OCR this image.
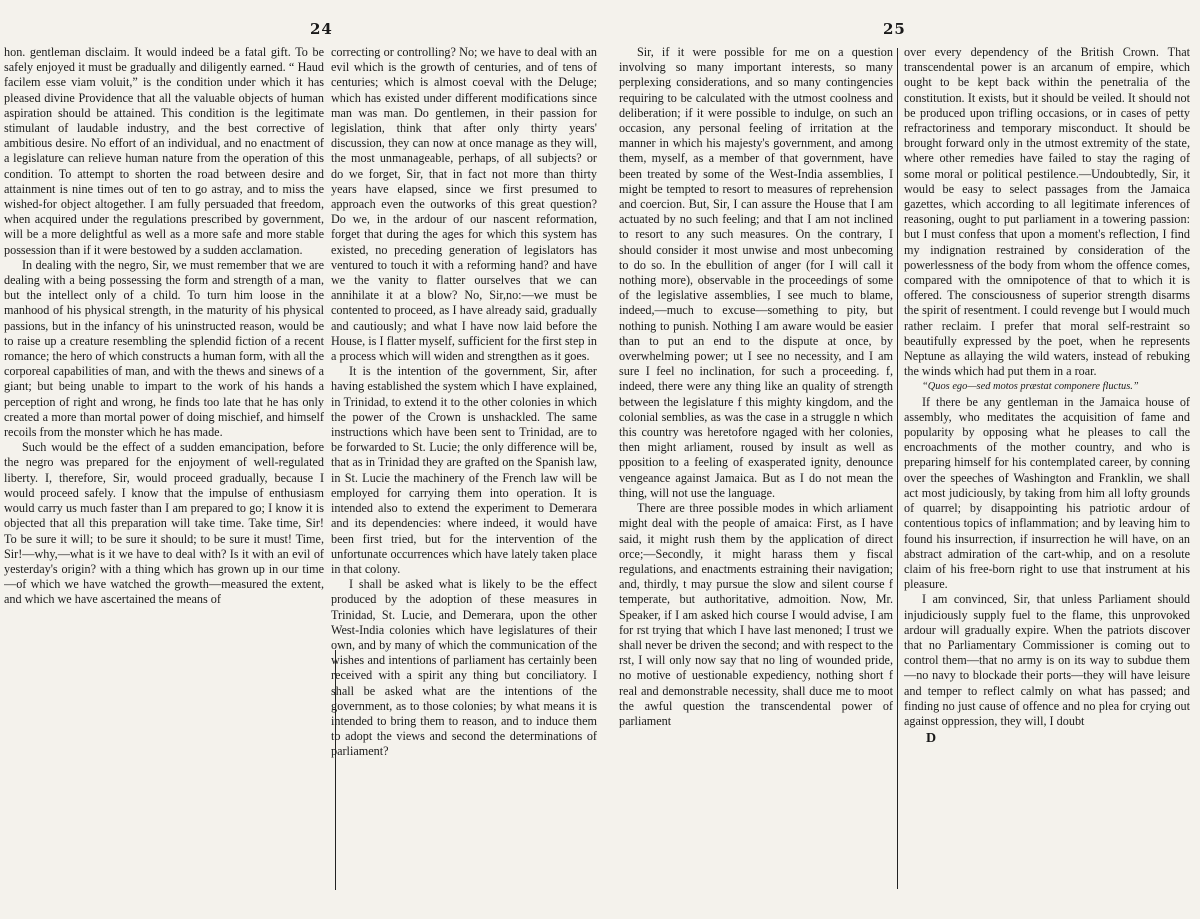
24

hon. gentleman disclaim. It would indeed be a fatal gift. To be safely enjoyed it must be gradually and diligently earned. “ Haud facilem esse viam voluit,” is the condition under which it has pleased divine Providence that all the valuable objects of human aspiration should be attained. This condition is the legitimate stimulant of laudable industry, and the best corrective of ambitious desire. No effort of an individual, and no enactment of a legislature can relieve human nature from the operation of this condition. To attempt to shorten the road between desire and attainment is nine times out of ten to go astray, and to miss the wished-for object altogether. I am fully persuaded that freedom, when acquired under the regulations prescribed by government, will be a more delightful as well as a more safe and more stable possession than if it were bestowed by a sudden acclamation.

In dealing with the negro, Sir, we must remember that we are dealing with a being possessing the form and strength of a man, but the intellect only of a child. To turn him loose in the manhood of his physical strength, in the maturity of his physical passions, but in the infancy of his uninstructed reason, would be to raise up a creature resembling the splendid fiction of a recent romance; the hero of which constructs a human form, with all the corporeal capabilities of man, and with the thews and sinews of a giant; but being unable to impart to the work of his hands a perception of right and wrong, he finds too late that he has only created a more than mortal power of doing mischief, and himself recoils from the monster which he has made.

Such would be the effect of a sudden emancipation, before the negro was prepared for the enjoyment of well-regulated liberty. I, therefore, Sir, would proceed gradually, because I would proceed safely. I know that the impulse of enthusiasm would carry us much faster than I am prepared to go; I know it is objected that all this preparation will take time. Take time, Sir! To be sure it will; to be sure it should; to be sure it must! Time, Sir!—why,—what is it we have to deal with? Is it with an evil of yesterday's origin? with a thing which has grown up in our time—of which we have watched the growth—measured the extent, and which we have ascertained the means of

correcting or controlling? No; we have to deal with an evil which is the growth of centuries, and of tens of centuries; which is almost coeval with the Deluge; which has existed under different modifications since man was man. Do gentlemen, in their passion for legislation, think that after only thirty years' discussion, they can now at once manage as they will, the most unmanageable, perhaps, of all subjects? or do we forget, Sir, that in fact not more than thirty years have elapsed, since we first presumed to approach even the outworks of this great question? Do we, in the ardour of our nascent reformation, forget that during the ages for which this system has existed, no preceding generation of legislators has ventured to touch it with a reforming hand? and have we the vanity to flatter ourselves that we can annihilate it at a blow? No, Sir,no:—we must be contented to proceed, as I have already said, gradually and cautiously; and what I have now laid before the House, is I flatter myself, sufficient for the first step in a process which will widen and strengthen as it goes.

It is the intention of the government, Sir, after having established the system which I have explained, in Trinidad, to extend it to the other colonies in which the power of the Crown is unshackled. The same instructions which have been sent to Trinidad, are to be forwarded to St. Lucie; the only difference will be, that as in Trinidad they are grafted on the Spanish law, in St. Lucie the machinery of the French law will be employed for carrying them into operation. It is intended also to extend the experiment to Demerara and its dependencies: where indeed, it would have been first tried, but for the intervention of the unfortunate occurrences which have lately taken place in that colony.

I shall be asked what is likely to be the effect produced by the adoption of these measures in Trinidad, St. Lucie, and Demerara, upon the other West-India colonies which have legislatures of their own, and by many of which the communication of the wishes and intentions of parliament has certainly been received with a spirit any thing but conciliatory. I shall be asked what are the intentions of the government, as to those colonies; by what means it is intended to bring them to reason, and to induce them to adopt the views and second the determinations of parliament?

25

Sir, if it were possible for me on a question involving so many important interests, so many perplexing considerations, and so many contingencies requiring to be calculated with the utmost coolness and deliberation; if it were possible to indulge, on such an occasion, any personal feeling of irritation at the manner in which his majesty's government, and among them, myself, as a member of that government, have been treated by some of the West-India assemblies, I might be tempted to resort to measures of reprehension and coercion. But, Sir, I can assure the House that I am actuated by no such feeling; and that I am not inclined to resort to any such measures. On the contrary, I should consider it most unwise and most unbecoming to do so. In the ebullition of anger (for I will call it nothing more), observable in the proceedings of some of the legislative assemblies, I see much to blame, indeed,—much to excuse—something to pity, but nothing to punish. Nothing I am aware would be easier than to put an end to the dispute at once, by overwhelming power; ut I see no necessity, and I am sure I feel no inclination, for such a proceeding. f, indeed, there were any thing like an quality of strength between the legislature f this mighty kingdom, and the colonial semblies, as was the case in a struggle n which this country was heretofore ngaged with her colonies, then might arliament, roused by insult as well as pposition to a feeling of exasperated ignity, denounce vengeance against Jamaica. But as I do not mean the thing, will not use the language.

There are three possible modes in which arliament might deal with the people of amaica: First, as I have said, it might rush them by the application of direct orce;—Secondly, it might harass them y fiscal regulations, and enactments estraining their navigation; and, thirdly, t may pursue the slow and silent course f temperate, but authoritative, admoition. Now, Mr. Speaker, if I am asked hich course I would advise, I am for rst trying that which I have last menoned; I trust we shall never be driven the second; and with respect to the rst, I will only now say that no ling of wounded pride, no motive of uestionable expediency, nothing short f real and demonstrable necessity, shall duce me to moot the awful question the transcendental power of parliament

over every dependency of the British Crown. That transcendental power is an arcanum of empire, which ought to be kept back within the penetralia of the constitution. It exists, but it should be veiled. It should not be produced upon trifling occasions, or in cases of petty refractoriness and temporary misconduct. It should be brought forward only in the utmost extremity of the state, where other remedies have failed to stay the raging of some moral or political pestilence.—Undoubtedly, Sir, it would be easy to select passages from the Jamaica gazettes, which according to all legitimate inferences of reasoning, ought to put parliament in a towering passion: but I must confess that upon a moment's reflection, I find my indignation restrained by consideration of the powerlessness of the body from whom the offence comes, compared with the omnipotence of that to which it is offered. The consciousness of superior strength disarms the spirit of resentment. I could revenge but I would much rather reclaim. I prefer that moral self-restraint so beautifully expressed by the poet, when he represents Neptune as allaying the wild waters, instead of rebuking the winds which had put them in a roar.

“Quos ego—sed motos præstat componere fluctus.”

If there be any gentleman in the Jamaica house of assembly, who meditates the acquisition of fame and popularity by opposing what he pleases to call the encroachments of the mother country, and who is preparing himself for his contemplated career, by conning over the speeches of Washington and Franklin, we shall act most judiciously, by taking from him all lofty grounds of quarrel; by disappointing his patriotic ardour of contentious topics of inflammation; and by leaving him to found his insurrection, if insurrection he will have, on an abstract admiration of the cart-whip, and on a resolute claim of his free-born right to use that instrument at his pleasure.

I am convinced, Sir, that unless Parliament should injudiciously supply fuel to the flame, this unprovoked ardour will gradually expire. When the patriots discover that no Parliamentary Commissioner is coming out to control them—that no army is on its way to subdue them—no navy to blockade their ports—they will have leisure and temper to reflect calmly on what has passed; and finding no just cause of offence and no plea for crying out against oppression, they will, I doubt

D
